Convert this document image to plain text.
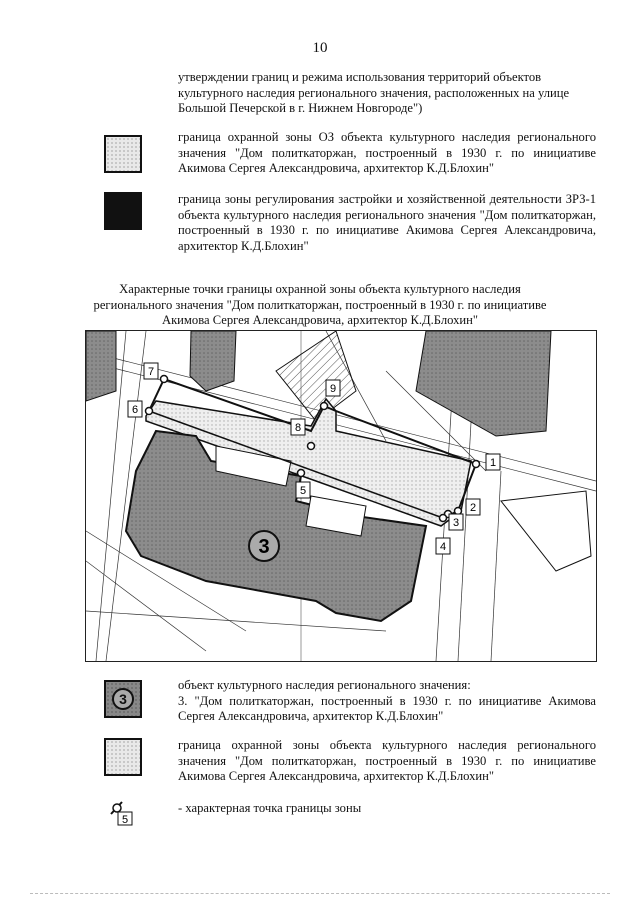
10
утверждении границ и режима использования территорий объектов культурного наследия регионального значения, расположенных на улице Большой Печерской в г. Нижнем Новгороде")
граница охранной зоны ОЗ объекта культурного наследия регионального значения "Дом политкаторжан, построенный в 1930 г. по инициативе Акимова Сергея Александровича, архитектор К.Д.Блохин"
граница зоны регулирования застройки и хозяйственной деятельности ЗРЗ-1 объекта культурного наследия регионального значения "Дом политкаторжан, построенный в 1930 г. по инициативе Акимова Сергея Александровича, архитектор К.Д.Блохин"
Характерные точки границы охранной зоны объекта культурного наследия регионального значения "Дом политкаторжан, построенный в 1930 г. по инициативе Акимова Сергея Александровича, архитектор К.Д.Блохин"
3
1
2
3
4
5
6
7
8
9
3
объект культурного наследия регионального значения:
3. "Дом политкаторжан, построенный в 1930 г. по инициативе Акимова Сергея Александровича, архитектор К.Д.Блохин"
граница охранной зоны объекта культурного наследия регионального значения "Дом политкаторжан, построенный в 1930 г. по инициативе Акимова Сергея Александровича, архитектор К.Д.Блохин"
5
- характерная точка границы зоны
